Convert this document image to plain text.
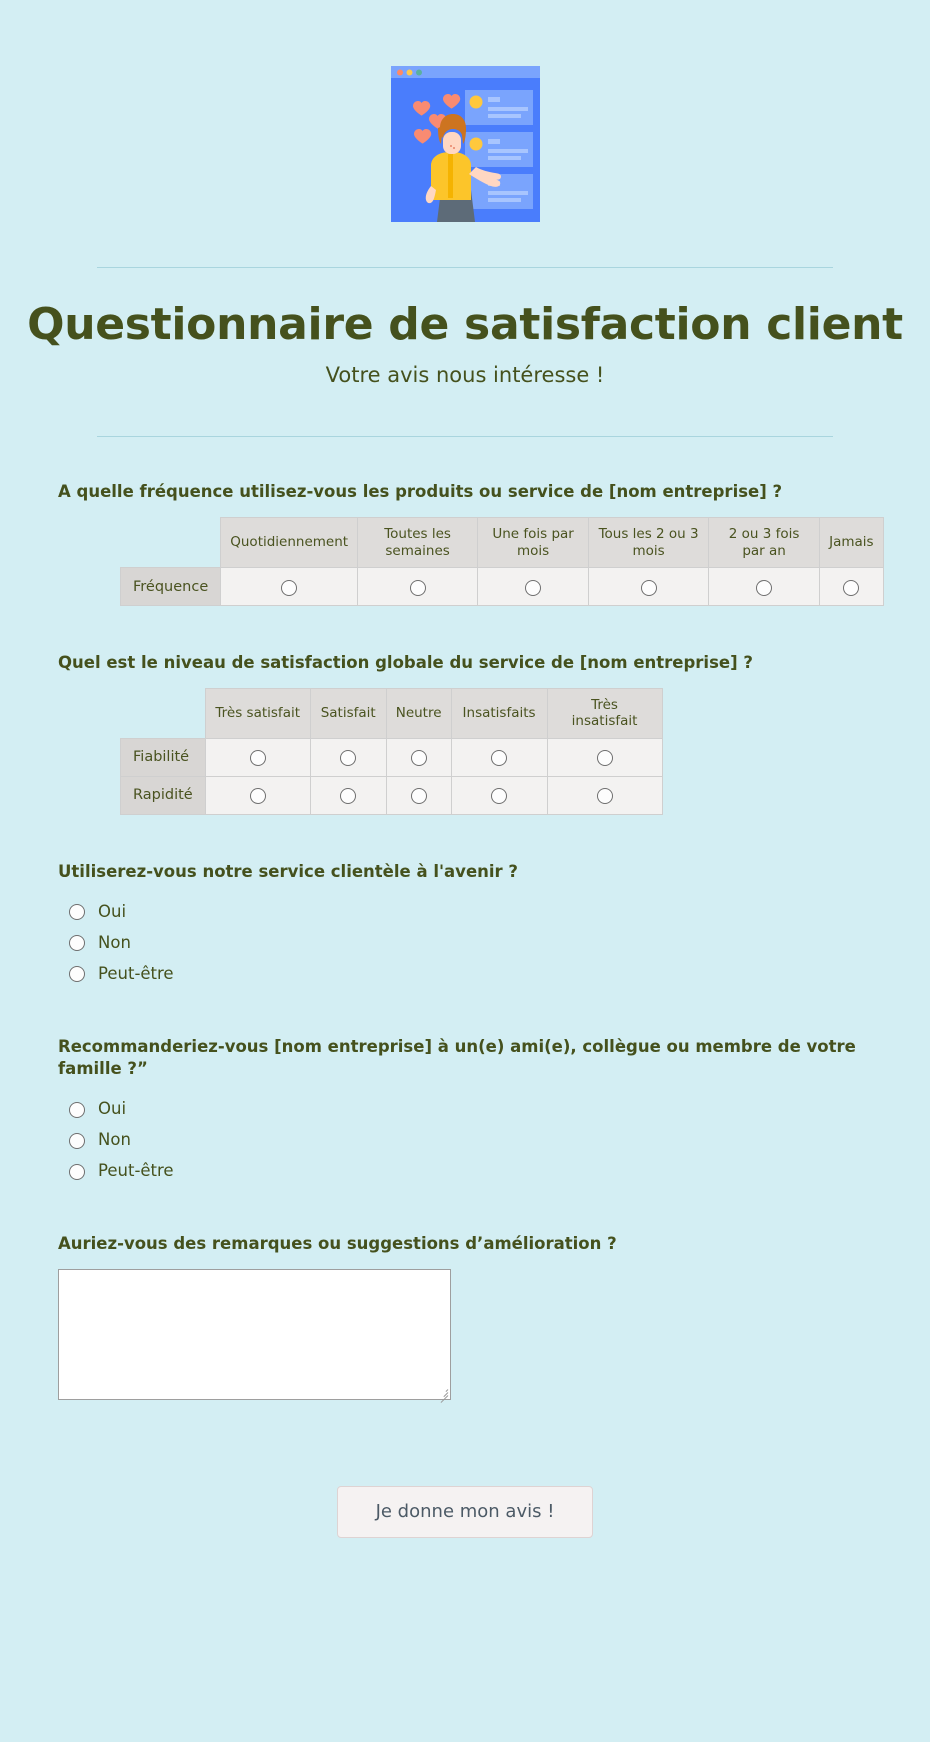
Questionnaire de satisfaction client

Votre avis nous intéresse !

A quelle fréquence utilisez-vous les produits ou service de [nom entreprise] ?
	Quotidiennement	Toutes les semaines	Une fois par mois	Tous les 2 ou 3 mois	2 ou 3 fois par an	Jamais
Fréquence						
Quel est le niveau de satisfaction globale du service de [nom entreprise] ?
	Très satisfait	Satisfait	Neutre	Insatisfaits	Très insatisfait
Fiabilité					
Rapidité					
Utiliserez-vous notre service clientèle à l'avenir ?
Oui
Non
Peut-être
Recommanderiez-vous [nom entreprise] à un(e) ami(e), collègue ou membre de votre famille ?”
Oui
Non
Peut-être
Auriez-vous des remarques ou suggestions d’amélioration ?
Je donne mon avis !
